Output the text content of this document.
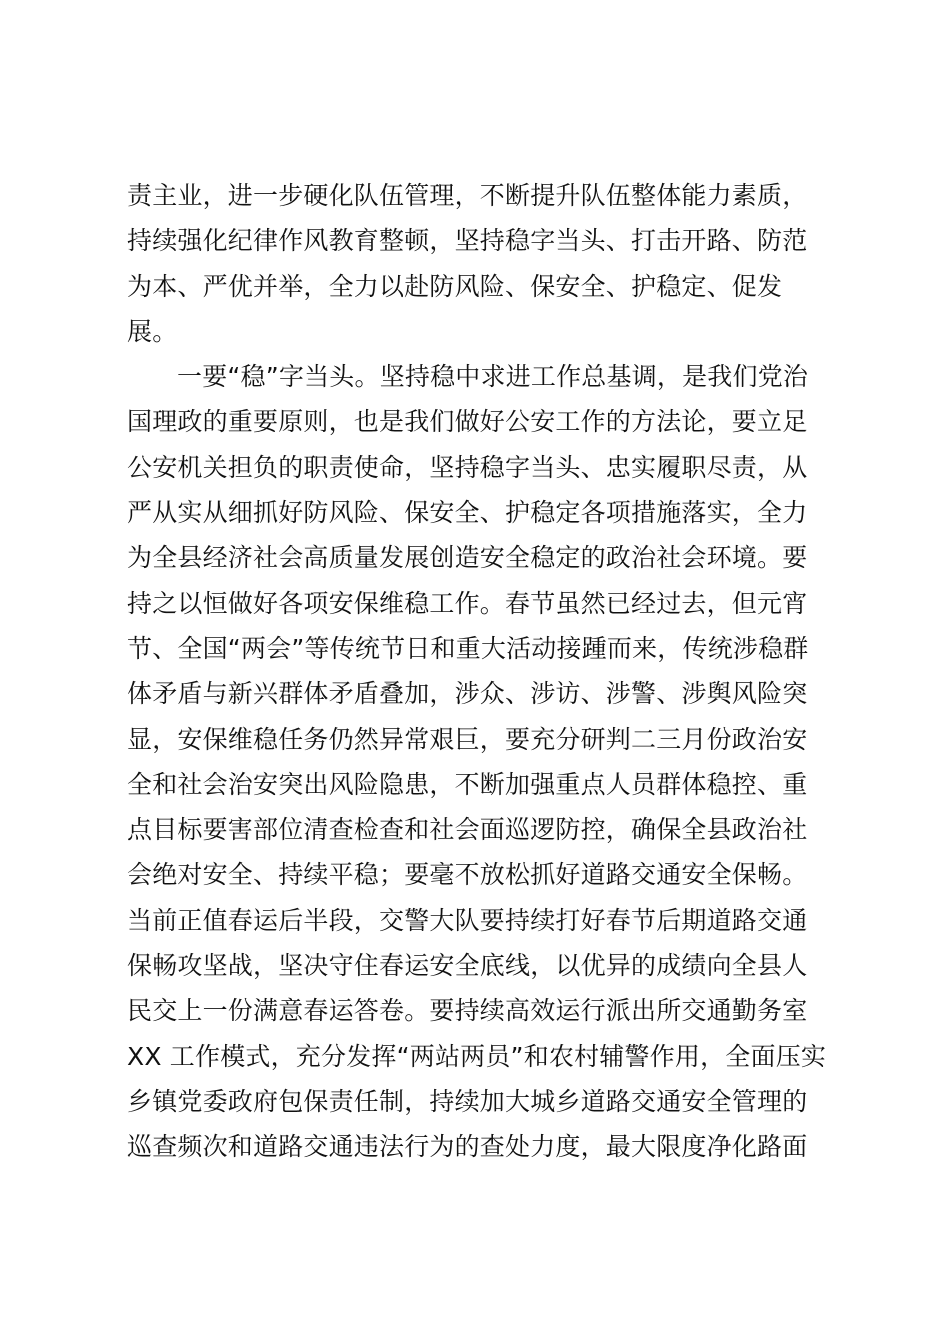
责主业，进一步硬化队伍管理，不断提升队伍整体能力素质，
持续强化纪律作风教育整顿，坚持稳字当头、打击开路、防范
为本、严优并举，全力以赴防风险、保安全、护稳定、促发
展。
一要“稳”字当头。坚持稳中求进工作总基调，是我们党治
国理政的重要原则，也是我们做好公安工作的方法论，要立足
公安机关担负的职责使命，坚持稳字当头、忠实履职尽责，从
严从实从细抓好防风险、保安全、护稳定各项措施落实，全力
为全县经济社会高质量发展创造安全稳定的政治社会环境。要
持之以恒做好各项安保维稳工作。春节虽然已经过去，但元宵
节、全国“两会”等传统节日和重大活动接踵而来，传统涉稳群
体矛盾与新兴群体矛盾叠加，涉众、涉访、涉警、涉舆风险突
显，安保维稳任务仍然异常艰巨，要充分研判二三月份政治安
全和社会治安突出风险隐患，不断加强重点人员群体稳控、重
点目标要害部位清查检查和社会面巡逻防控，确保全县政治社
会绝对安全、持续平稳；要毫不放松抓好道路交通安全保畅。
当前正值春运后半段，交警大队要持续打好春节后期道路交通
保畅攻坚战，坚决守住春运安全底线，以优异的成绩向全县人
民交上一份满意春运答卷。要持续高效运行派出所交通勤务室
XX 工作模式，充分发挥“两站两员”和农村辅警作用，全面压实
乡镇党委政府包保责任制，持续加大城乡道路交通安全管理的
巡查频次和道路交通违法行为的查处力度，最大限度净化路面
